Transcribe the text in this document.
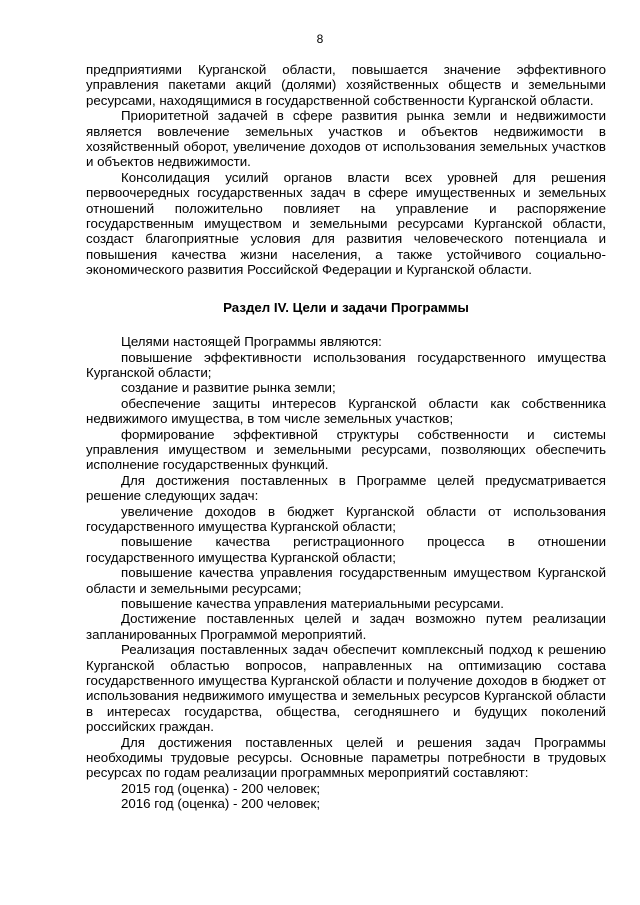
8

предприятиями Курганской области, повышается значение эффективного управления пакетами акций (долями) хозяйственных обществ и земельными ресурсами, находящимися в государственной собственности Курганской области.

Приоритетной задачей в сфере развития рынка земли и недвижимости является вовлечение земельных участков и объектов недвижимости в хозяйственный оборот, увеличение доходов от использования земельных участков и объектов недвижимости.

Консолидация усилий органов власти всех уровней для решения первоочередных государственных задач в сфере имущественных и земельных отношений положительно повлияет на управление и распоряжение государственным имуществом и земельными ресурсами Курганской области, создаст благоприятные условия для развития человеческого потенциала и повышения качества жизни населения, а также устойчивого социально-экономического развития Российской Федерации и Курганской области.

Раздел IV. Цели и задачи Программы

Целями настоящей Программы являются:

повышение эффективности использования государственного имущества Курганской области;

создание и развитие рынка земли;

обеспечение защиты интересов Курганской области как собственника недвижимого имущества, в том числе земельных участков;

формирование эффективной структуры собственности и системы управления имуществом и земельными ресурсами, позволяющих обеспечить исполнение государственных функций.

Для достижения поставленных в Программе целей предусматривается решение следующих задач:

увеличение доходов в бюджет Курганской области от использования государственного имущества Курганской области;

повышение качества регистрационного процесса в отношении государственного имущества Курганской области;

повышение качества управления государственным имуществом Курганской области и земельными ресурсами;

повышение качества управления материальными ресурсами.

Достижение поставленных целей и задач возможно путем реализации запланированных Программой мероприятий.

Реализация поставленных задач обеспечит комплексный подход к решению Курганской областью вопросов, направленных на оптимизацию состава государственного имущества Курганской области и получение доходов в бюджет от использования недвижимого имущества и земельных ресурсов Курганской области в интересах государства, общества, сегодняшнего и будущих поколений российских граждан.

Для достижения поставленных целей и решения задач Программы необходимы трудовые ресурсы. Основные параметры потребности в трудовых ресурсах по годам реализации программных мероприятий составляют:

2015 год (оценка) - 200 человек;

2016 год (оценка) - 200 человек;
